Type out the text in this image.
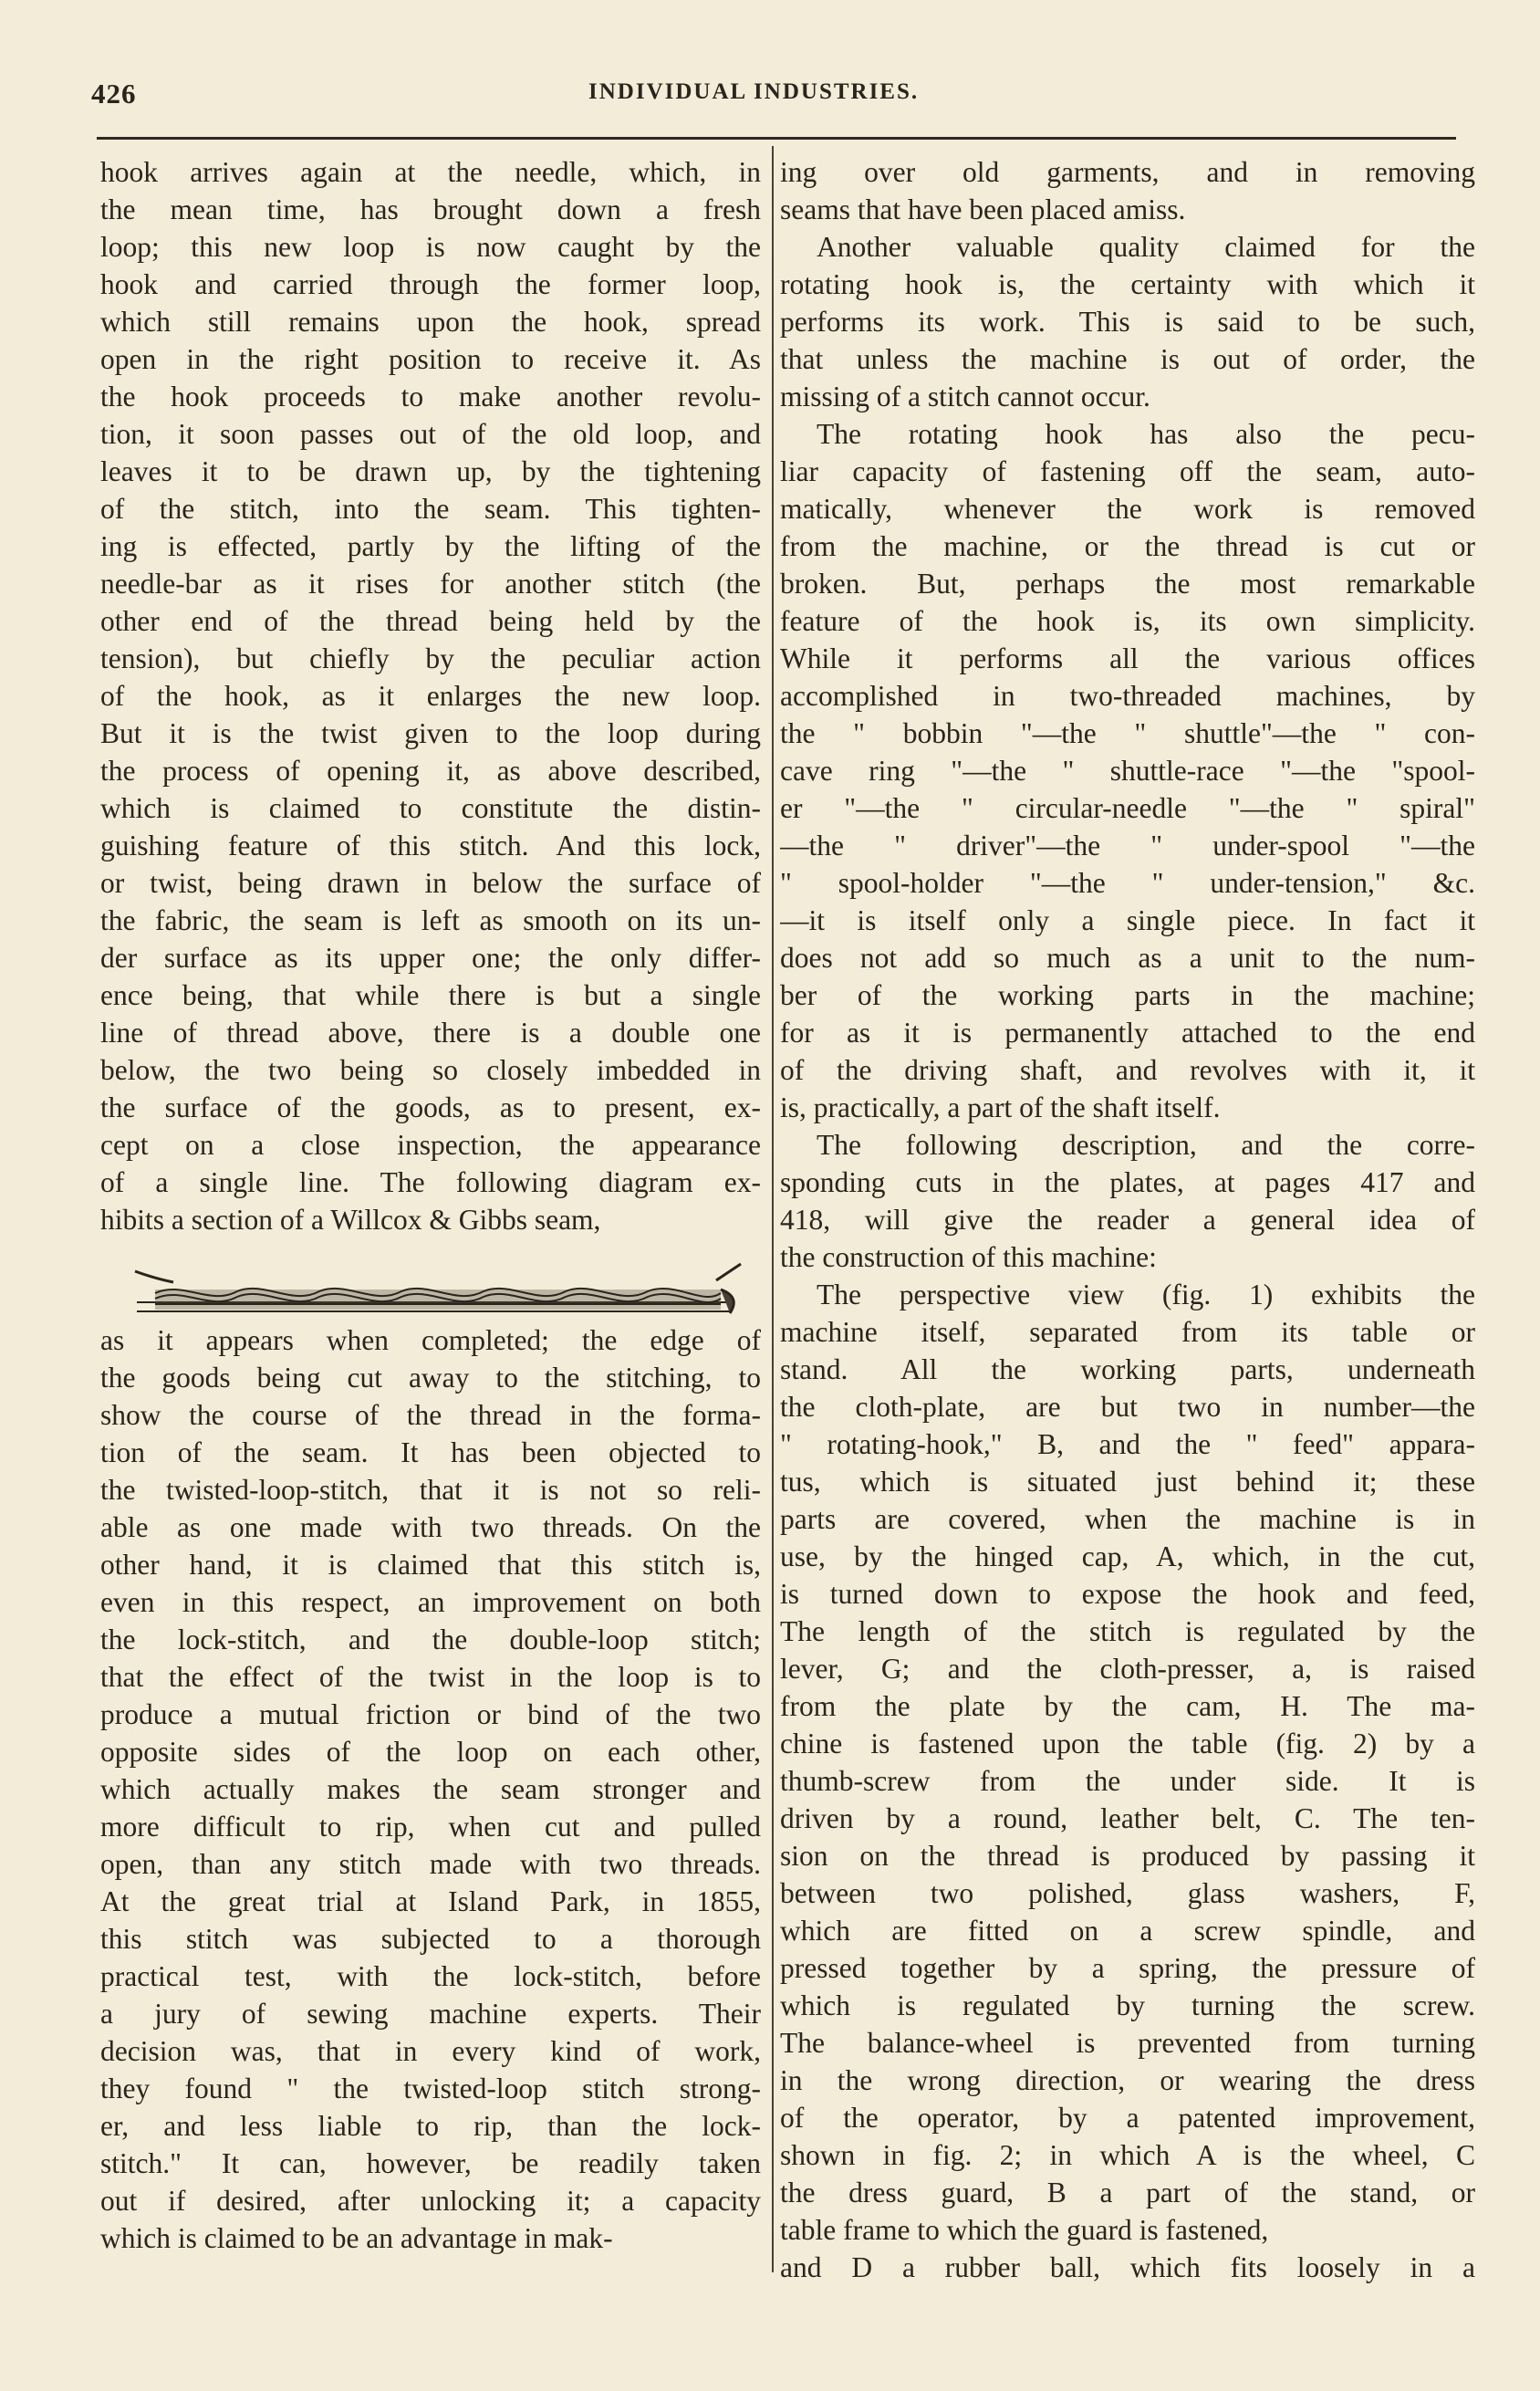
426	INDIVIDUAL INDUSTRIES.
hook arrives again at the needle, which, in
the mean time, has brought down a fresh
loop; this new loop is now caught by the
hook and carried through the former loop,
which still remains upon the hook, spread
open in the right position to receive it. As
the hook proceeds to make another revolu-
tion, it soon passes out of the old loop, and
leaves it to be drawn up, by the tightening
of the stitch, into the seam. This tighten-
ing is effected, partly by the lifting of the
needle-bar as it rises for another stitch (the
other end of the thread being held by the
tension), but chiefly by the peculiar action
of the hook, as it enlarges the new loop.
But it is the twist given to the loop during
the process of opening it, as above described,
which is claimed to constitute the distin-
guishing feature of this stitch. And this lock,
or twist, being drawn in below the surface of
the fabric, the seam is left as smooth on its un-
der surface as its upper one; the only differ-
ence being, that while there is but a single
line of thread above, there is a double one
below, the two being so closely imbedded in
the surface of the goods, as to present, ex-
cept on a close inspection, the appearance
of a single line. The following diagram ex-
hibits a section of a Willcox & Gibbs seam,
as it appears when completed; the edge of
the goods being cut away to the stitching, to
show the course of the thread in the forma-
tion of the seam. It has been objected to
the twisted-loop-stitch, that it is not so reli-
able as one made with two threads. On the
other hand, it is claimed that this stitch is,
even in this respect, an improvement on both
the lock-stitch, and the double-loop stitch;
that the effect of the twist in the loop is to
produce a mutual friction or bind of the two
opposite sides of the loop on each other,
which actually makes the seam stronger and
more difficult to rip, when cut and pulled
open, than any stitch made with two threads.
At the great trial at Island Park, in 1855,
this stitch was subjected to a thorough
practical test, with the lock-stitch, before
a jury of sewing machine experts. Their
decision was, that in every kind of work,
they found " the twisted-loop stitch strong-
er, and less liable to rip, than the lock-
stitch." It can, however, be readily taken
out if desired, after unlocking it; a capacity
which is claimed to be an advantage in mak-
ing over old garments, and in removing
seams that have been placed amiss.
Another valuable quality claimed for the
rotating hook is, the certainty with which it
performs its work. This is said to be such,
that unless the machine is out of order, the
missing of a stitch cannot occur.
The rotating hook has also the pecu-
liar capacity of fastening off the seam, auto-
matically, whenever the work is removed
from the machine, or the thread is cut or
broken. But, perhaps the most remarkable
feature of the hook is, its own simplicity.
While it performs all the various offices
accomplished in two-threaded machines, by
the " bobbin "—the " shuttle"—the " con-
cave ring "—the " shuttle-race "—the "spool-
er "—the " circular-needle "—the " spiral"
—the " driver"—the " under-spool "—the
" spool-holder "—the " under-tension," &c.
—it is itself only a single piece. In fact it
does not add so much as a unit to the num-
ber of the working parts in the machine;
for as it is permanently attached to the end
of the driving shaft, and revolves with it, it
is, practically, a part of the shaft itself.
The following description, and the corre-
sponding cuts in the plates, at pages 417 and
418, will give the reader a general idea of
the construction of this machine:
The perspective view (fig. 1) exhibits the
machine itself, separated from its table or
stand. All the working parts, underneath
the cloth-plate, are but two in number—the
" rotating-hook," B, and the " feed" appara-
tus, which is situated just behind it; these
parts are covered, when the machine is in
use, by the hinged cap, A, which, in the cut,
is turned down to expose the hook and feed,
The length of the stitch is regulated by the
lever, G; and the cloth-presser, a, is raised
from the plate by the cam, H. The ma-
chine is fastened upon the table (fig. 2) by a
thumb-screw from the under side. It is
driven by a round, leather belt, C. The ten-
sion on the thread is produced by passing it
between two polished, glass washers, F,
which are fitted on a screw spindle, and
pressed together by a spring, the pressure of
which is regulated by turning the screw.
The balance-wheel is prevented from turning
in the wrong direction, or wearing the dress
of the operator, by a patented improvement,
shown in fig. 2; in which A is the wheel, C
the dress guard, B a part of the stand, or
table frame to which the guard is fastened,
and D a rubber ball, which fits loosely in a
